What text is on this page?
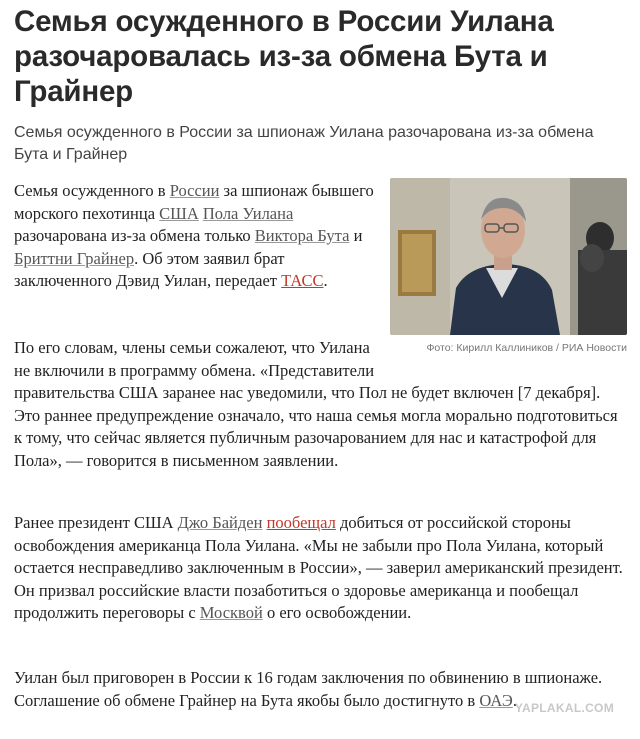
Семья осужденного в России Уилана разочаровалась из-за обмена Бута и Грайнер

Семья осужденного в России за шпионаж Уилана разочарована из-за обмена Бута и Грайнер

Семья осужденного в России за шпионаж бывшего морского пехотинца США Пола Уилана разочарована из-за обмена только Виктора Бута и Бриттни Грайнер. Об этом заявил брат заключенного Дэвид Уилан, передает ТАСС.

Фото: Кирилл Каллиников / РИА Новости

По его словам, члены семьи сожалеют, что Уилана не включили в программу обмена. «Представители правительства США заранее нас уведомили, что Пол не будет включен [7 декабря]. Это раннее предупреждение означало, что наша семья могла морально подготовиться к тому, что сейчас является публичным разочарованием для нас и катастрофой для Пола», — говорится в письменном заявлении.

Ранее президент США Джо Байден пообещал добиться от российской стороны освобождения американца Пола Уилана. «Мы не забыли про Пола Уилана, который остается несправедливо заключенным в России», — заверил американский президент. Он призвал российские власти позаботиться о здоровье американца и пообещал продолжить переговоры с Москвой о его освобождении.

Уилан был приговорен в России к 16 годам заключения по обвинению в шпионаже. Соглашение об обмене Грайнер на Бута якобы было достигнуто в ОАЭ.

YAPLAKAL.COM
